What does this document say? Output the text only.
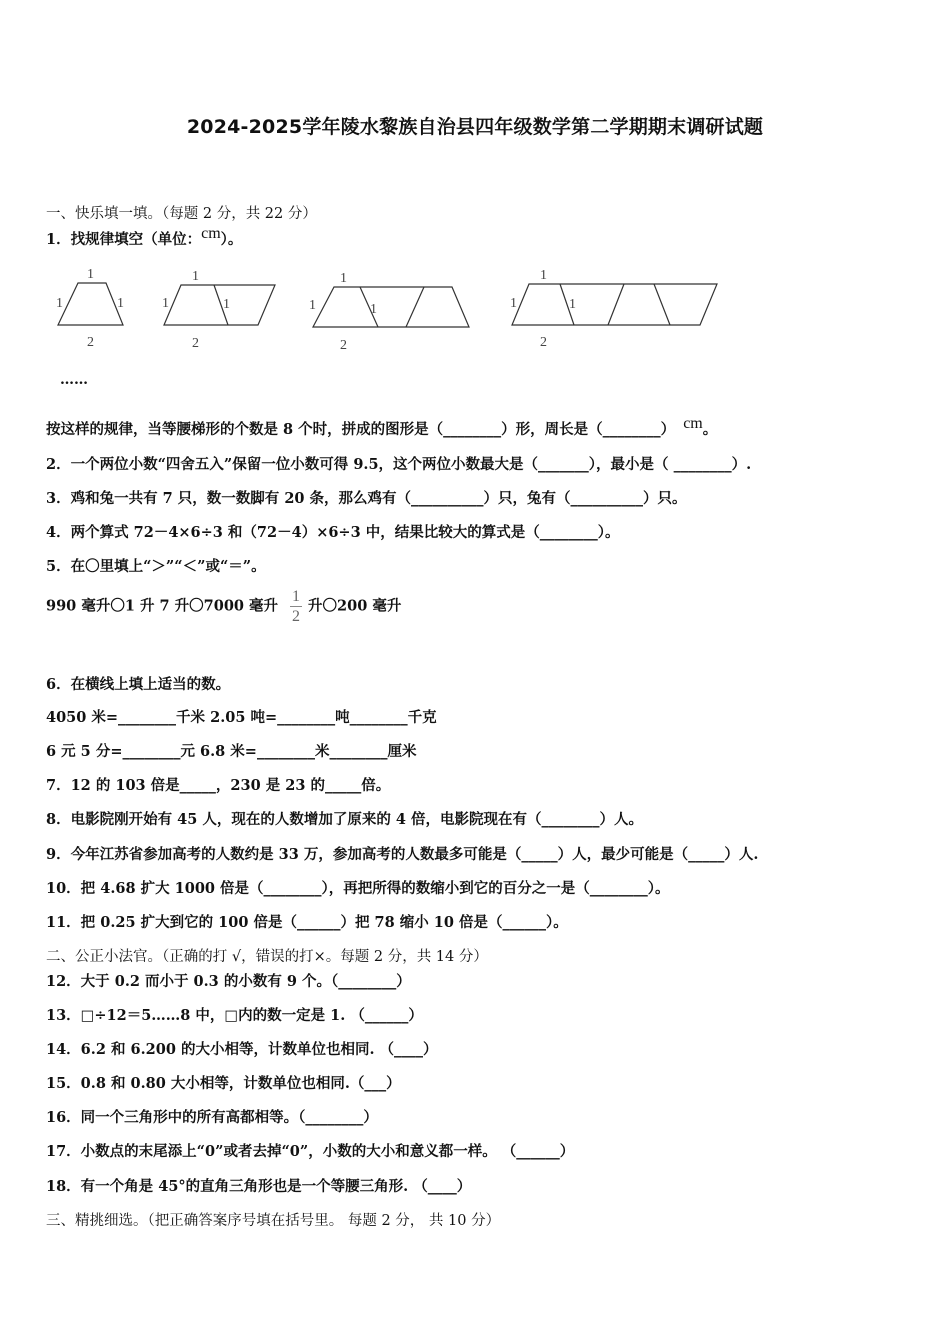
2024-2025学年陵水黎族自治县四年级数学第二学期期末调研试题
一、快乐填一填。（每题 2 分，共 22 分）
1．找规律填空（单位：cm）。
1
1	1
2
1
1	1
2
1
1	1
2
1
1	1
2
……
按这样的规律，当等腰梯形的个数是 8 个时，拼成的图形是（________）形，周长是（________） cm。
2．一个两位小数“四舍五入”保留一位小数可得 9.5，这个两位小数最大是（_______），最小是（ ________）.
3．鸡和兔一共有 7 只，数一数脚有 20 条，那么鸡有（__________）只，兔有（__________）只。
4．两个算式 72－4×6÷3 和（72－4）×6÷3 中，结果比较大的算式是（________）。
5．在〇里填上“＞”“＜”或“＝”。
990 毫升〇1 升 7 升〇7000 毫升 $\frac{1}{2}$ 升〇200 毫升
6．在横线上填上适当的数。
4050 米=________千米 2.05 吨=________吨________千克
6 元 5 分=________元 6.8 米=________米________厘米
7．12 的 103 倍是_____，230 是 23 的_____倍。
8．电影院刚开始有 45 人，现在的人数增加了原来的 4 倍，电影院现在有（________）人。
9．今年江苏省参加高考的人数约是 33 万，参加高考的人数最多可能是（_____）人，最少可能是（_____）人.
10．把 4.68 扩大 1000 倍是（________），再把所得的数缩小到它的百分之一是（________）。
11．把 0.25 扩大到它的 100 倍是（______）把 78 缩小 10 倍是（______）。
二、公正小法官。（正确的打 √，错误的打×。每题 2 分，共 14 分）
12．大于 0.2 而小于 0.3 的小数有 9 个。（________）
13．□÷12＝5……8 中，□内的数一定是 1. （______）
14．6.2 和 6.200 的大小相等，计数单位也相同. （____）
15．0.8 和 0.80 大小相等，计数单位也相同.（___）
16．同一个三角形中的所有高都相等。（________）
17．小数点的末尾添上“0”或者去掉“0”，小数的大小和意义都一样。 （______）
18．有一个角是 45°的直角三角形也是一个等腰三角形. （____）
三、精挑细选。（把正确答案序号填在括号里。 每题 2 分， 共 10 分）
